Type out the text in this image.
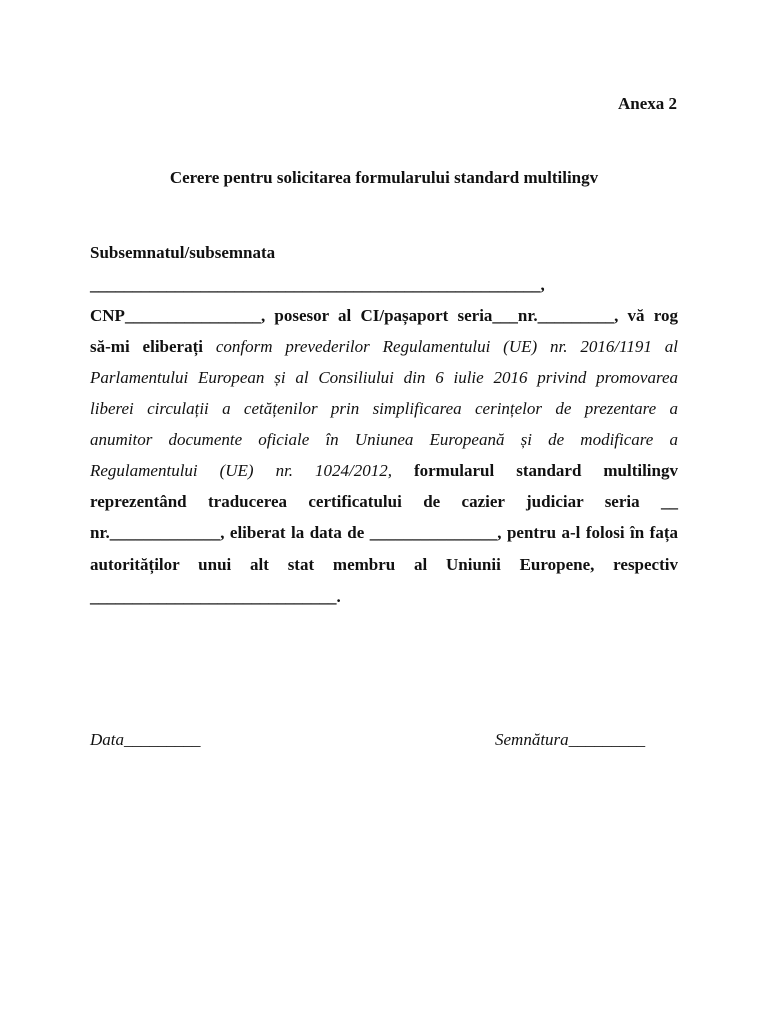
Anexa 2
Cerere pentru solicitarea formularului standard multilingv
Subsemnatul/subsemnata
_____________________________________________________,
CNP________________, posesor al CI/pașaport seria___nr._________, vă rog
să-mi eliberați conform prevederilor Regulamentului (UE) nr. 2016/1191 al
Parlamentului European și al Consiliului din 6 iulie 2016 privind promovarea
liberei circulații a cetățenilor prin simplificarea cerințelor de prezentare a
anumitor documente oficiale în Uniunea Europeană și de modificare a
Regulamentului (UE) nr. 1024/2012, formularul standard multilingv
reprezentând traducerea certificatului de cazier judiciar seria __
nr._____________, eliberat la data de _______________, pentru a-l folosi în fața
autorităților unui alt stat membru al Uniunii Europene, respectiv
_____________________________.
Data_________	Semnătura_________
